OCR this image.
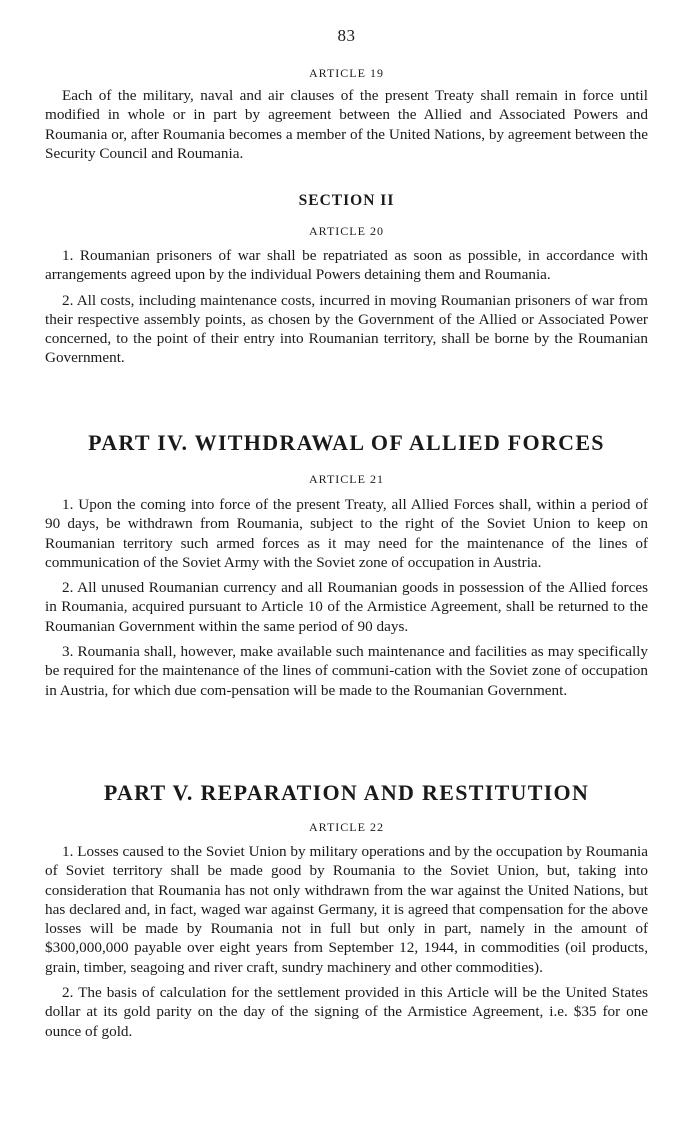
83

ARTICLE 19

Each of the military, naval and air clauses of the present Treaty shall remain in force until modified in whole or in part by agreement between the Allied and Associated Powers and Roumania or, after Roumania becomes a member of the United Nations, by agreement between the Security Council and Roumania.

SECTION II

ARTICLE 20

1. Roumanian prisoners of war shall be repatriated as soon as possible, in accordance with arrangements agreed upon by the individual Powers detaining them and Roumania.

2. All costs, including maintenance costs, incurred in moving Roumanian prisoners of war from their respective assembly points, as chosen by the Government of the Allied or Associated Power concerned, to the point of their entry into Roumanian territory, shall be borne by the Roumanian Government.

PART IV. WITHDRAWAL OF ALLIED FORCES

ARTICLE 21

1. Upon the coming into force of the present Treaty, all Allied Forces shall, within a period of 90 days, be withdrawn from Roumania, subject to the right of the Soviet Union to keep on Roumanian territory such armed forces as it may need for the maintenance of the lines of communication of the Soviet Army with the Soviet zone of occupation in Austria.

2. All unused Roumanian currency and all Roumanian goods in possession of the Allied forces in Roumania, acquired pursuant to Article 10 of the Armistice Agreement, shall be returned to the Roumanian Government within the same period of 90 days.

3. Roumania shall, however, make available such maintenance and facilities as may specifically be required for the maintenance of the lines of communi-cation with the Soviet zone of occupation in Austria, for which due com-pensation will be made to the Roumanian Government.

PART V. REPARATION AND RESTITUTION

ARTICLE 22

1. Losses caused to the Soviet Union by military operations and by the occupation by Roumania of Soviet territory shall be made good by Roumania to the Soviet Union, but, taking into consideration that Roumania has not only withdrawn from the war against the United Nations, but has declared and, in fact, waged war against Germany, it is agreed that compensation for the above losses will be made by Roumania not in full but only in part, namely in the amount of $300,000,000 payable over eight years from September 12, 1944, in commodities (oil products, grain, timber, seagoing and river craft, sundry machinery and other commodities).

2. The basis of calculation for the settlement provided in this Article will be the United States dollar at its gold parity on the day of the signing of the Armistice Agreement, i.e. $35 for one ounce of gold.
